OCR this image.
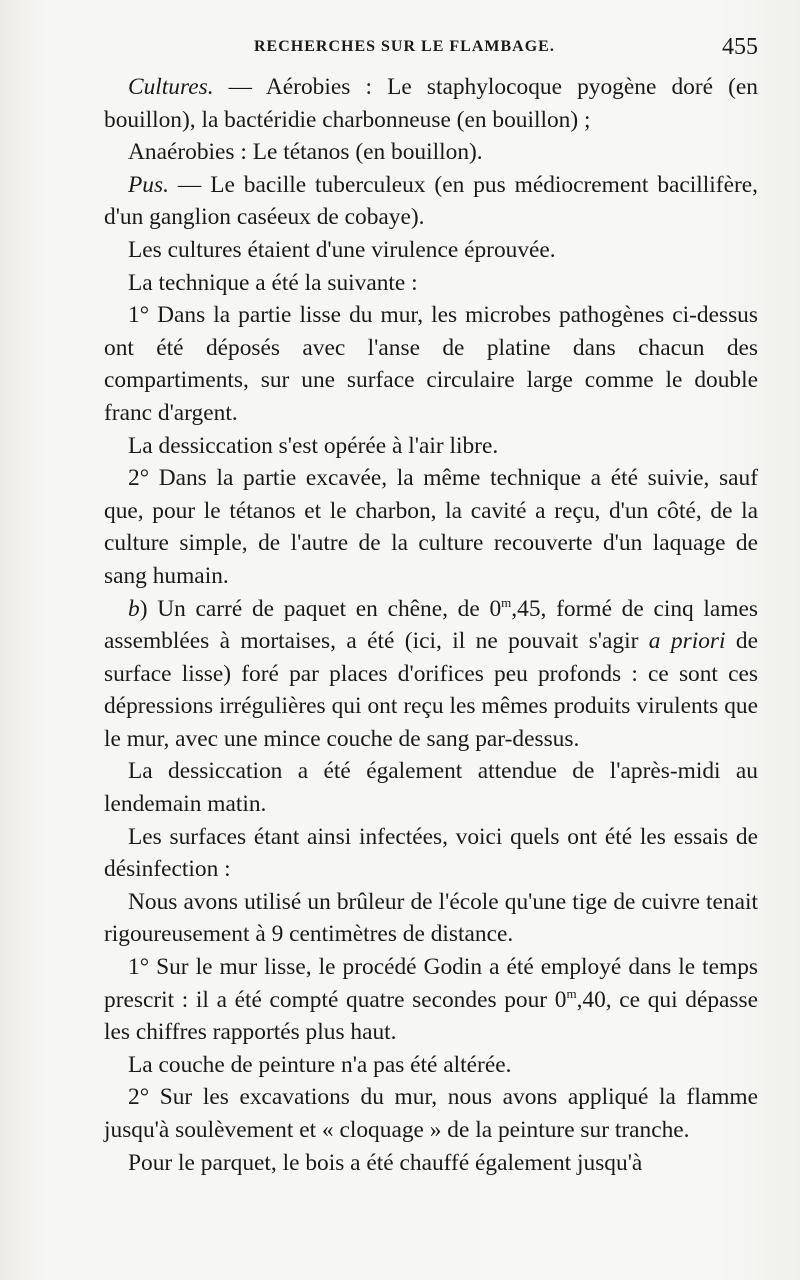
RECHERCHES SUR LE FLAMBAGE.	455

Cultures. — Aérobies : Le staphylocoque pyogène doré (en bouillon), la bactéridie charbonneuse (en bouillon) ;

Anaérobies : Le tétanos (en bouillon).

Pus. — Le bacille tuberculeux (en pus médiocrement bacillifère, d'un ganglion caséeux de cobaye).

Les cultures étaient d'une virulence éprouvée.

La technique a été la suivante :

1° Dans la partie lisse du mur, les microbes pathogènes ci-dessus ont été déposés avec l'anse de platine dans chacun des compartiments, sur une surface circulaire large comme le double franc d'argent.

La dessiccation s'est opérée à l'air libre.

2° Dans la partie excavée, la même technique a été suivie, sauf que, pour le tétanos et le charbon, la cavité a reçu, d'un côté, de la culture simple, de l'autre de la culture recouverte d'un laquage de sang humain.

b) Un carré de paquet en chêne, de 0$^m$,45, formé de cinq lames assemblées à mortaises, a été (ici, il ne pouvait s'agir a priori de surface lisse) foré par places d'orifices peu profonds : ce sont ces dépressions irrégulières qui ont reçu les mêmes produits virulents que le mur, avec une mince couche de sang par-dessus.

La dessiccation a été également attendue de l'après-midi au lendemain matin.

Les surfaces étant ainsi infectées, voici quels ont été les essais de désinfection :

Nous avons utilisé un brûleur de l'école qu'une tige de cuivre tenait rigoureusement à 9 centimètres de distance.

1° Sur le mur lisse, le procédé Godin a été employé dans le temps prescrit : il a été compté quatre secondes pour 0$^m$,40, ce qui dépasse les chiffres rapportés plus haut.

La couche de peinture n'a pas été altérée.

2° Sur les excavations du mur, nous avons appliqué la flamme jusqu'à soulèvement et « cloquage » de la peinture sur tranche.

Pour le parquet, le bois a été chauffé également jusqu'à
